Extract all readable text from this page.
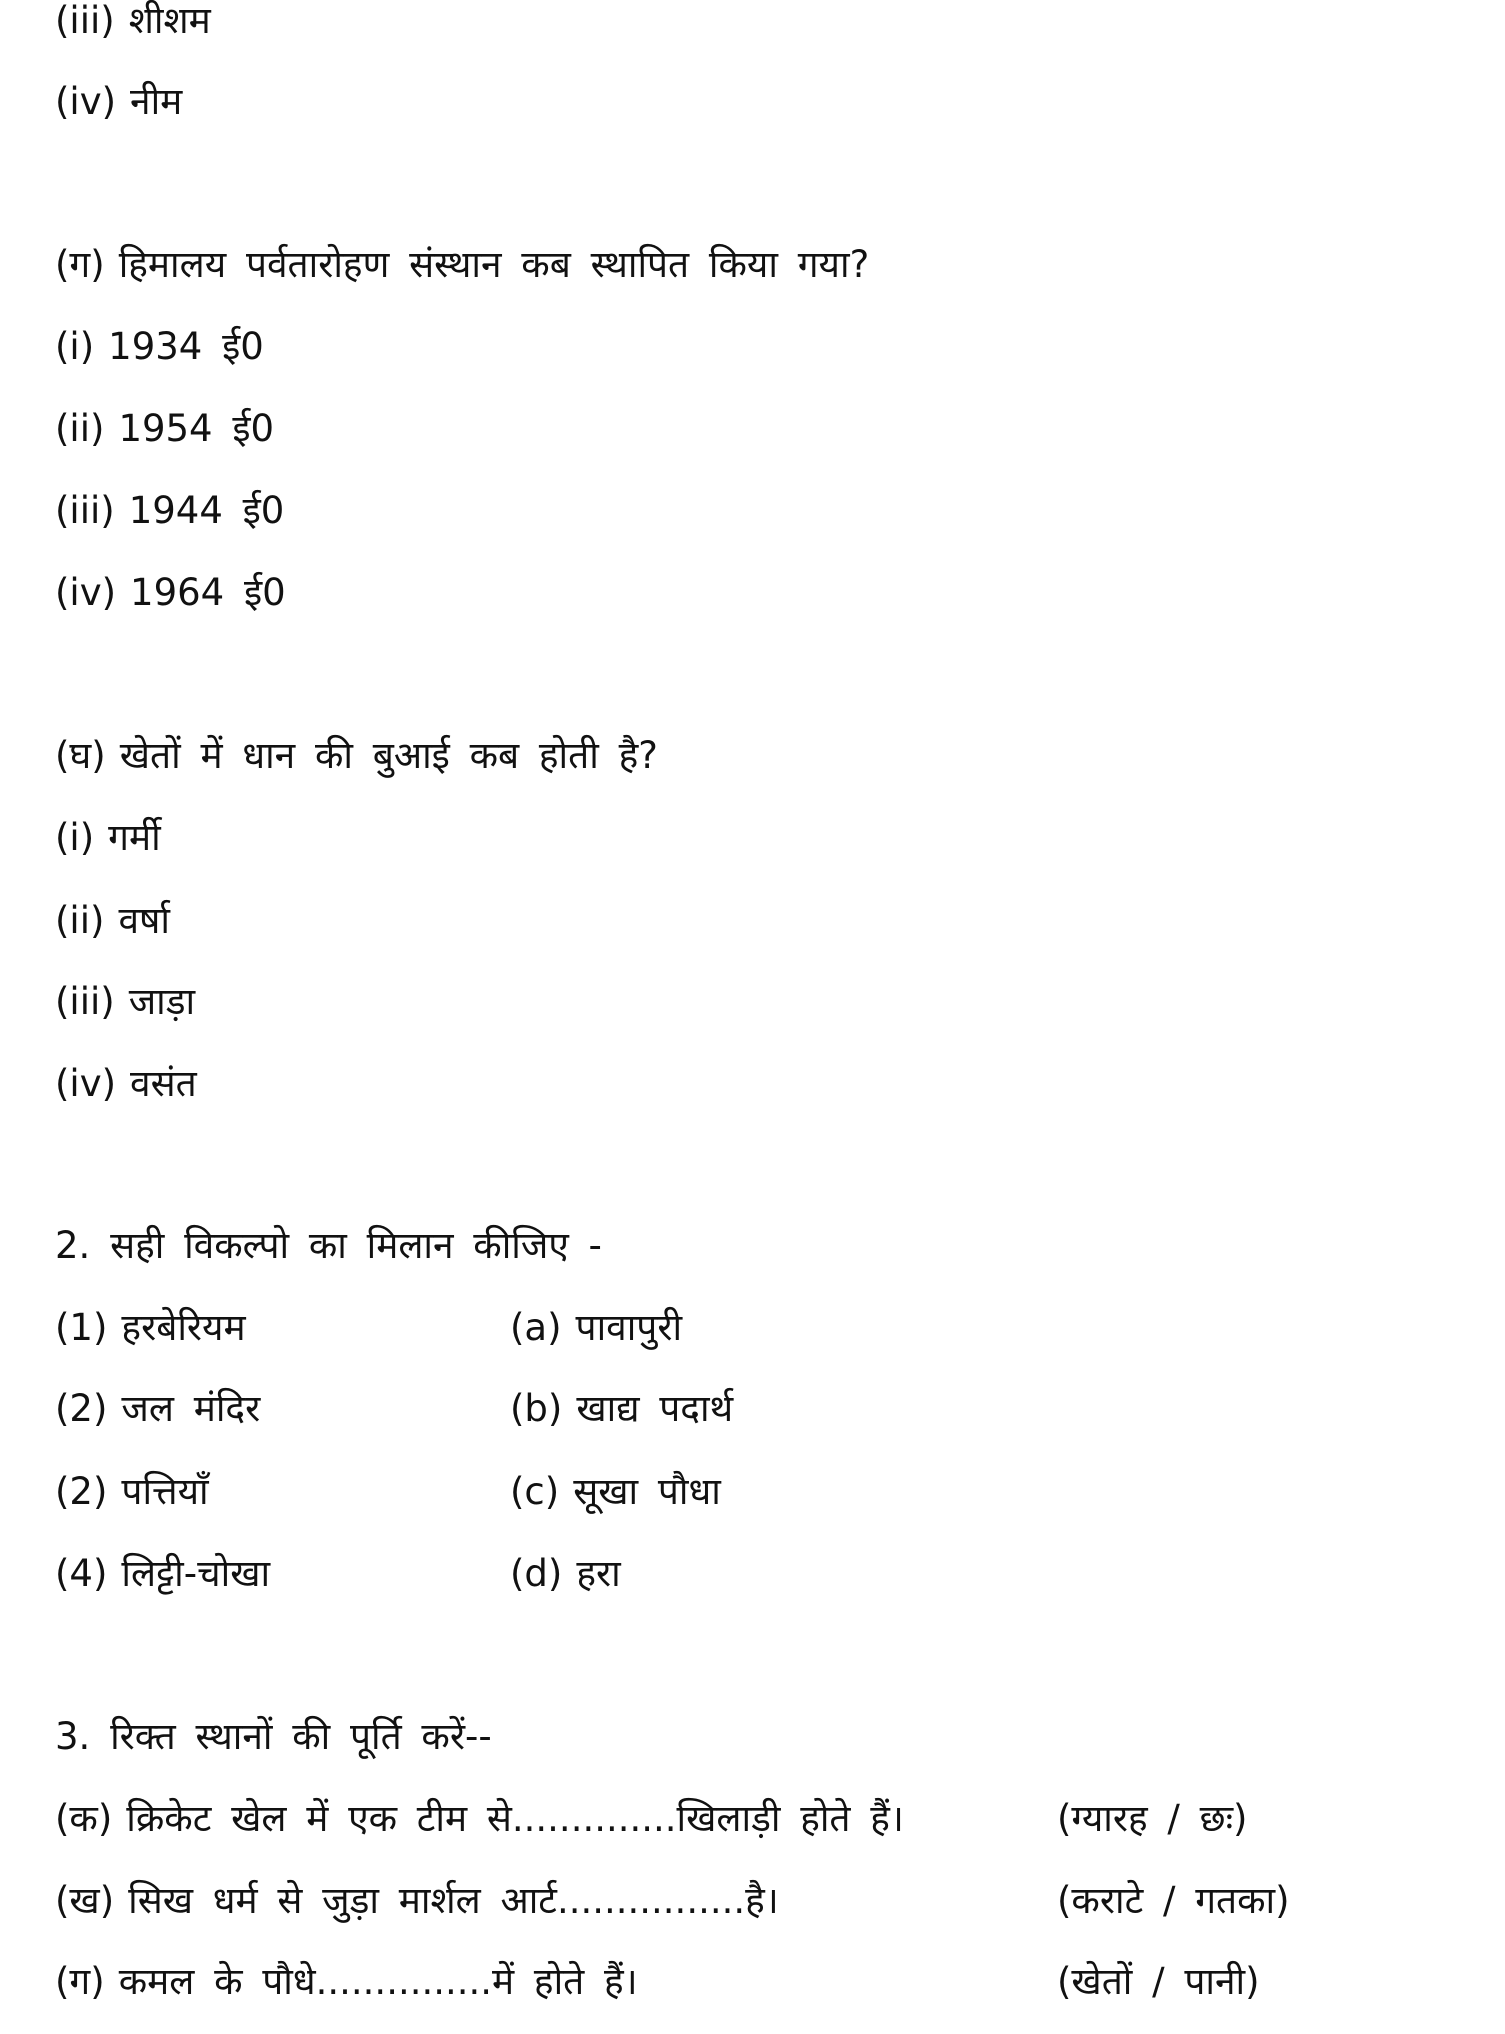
(iii) शीशम
(iv) नीम
(ग) हिमालय पर्वतारोहण संस्थान कब स्थापित किया गया?
(i) 1934 ई0
(ii) 1954 ई0
(iii) 1944 ई0
(iv) 1964 ई0
(घ) खेतों में धान की बुआई कब होती है?
(i) गर्मी
(ii) वर्षा
(iii) जाड़ा
(iv) वसंत
2. सही विकल्पो का मिलान कीजिए -
(1) हरबेरियम	(a) पावापुरी
(2) जल मंदिर	(b) खाद्य पदार्थ
(2) पत्तियाँ	(c) सूखा पौधा
(4) लिट्टी-चोखा	(d) हरा
3. रिक्त स्थानों की पूर्ति करें--
(क) क्रिकेट खेल में एक टीम से..............खिलाड़ी होते हैं।	(ग्यारह / छः)
(ख) सिख धर्म से जुड़ा मार्शल आर्ट................है।	(कराटे / गतका)
(ग) कमल के पौधे...............में होते हैं।	(खेतों / पानी)
